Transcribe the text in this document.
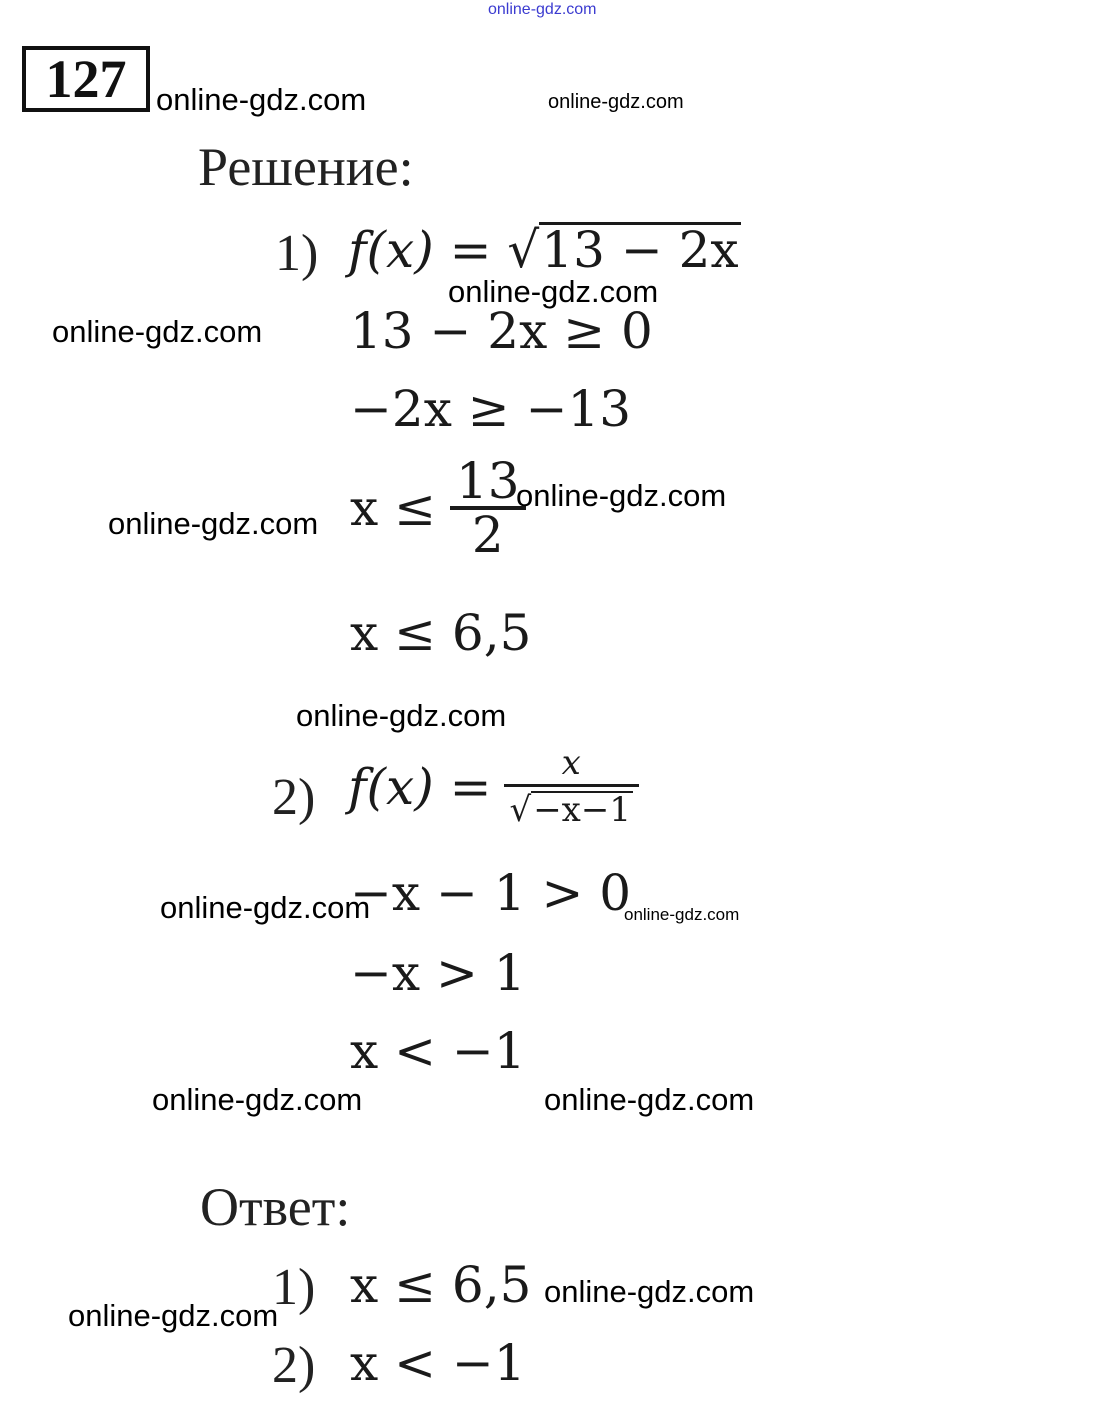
online-gdz.com
127 online-gdz.com	online-gdz.com
Решение:
1) f(x) = √13 − 2x
online-gdz.com
online-gdz.com 13 − 2x ≥ 0
−2x ≥ −13
online-gdz.com $x \le \frac{13}{2}$
online-gdz.com
x ≤ 6,5
online-gdz.com
2) $f(x) = \frac{x}{√-x-1}$
−x − 1 > 0
online-gdz.com	online-gdz.com
−x > 1
x < −1
online-gdz.com	online-gdz.com
Ответ:
1) x ≤ 6,5 online-gdz.com
online-gdz.com
2) x < −1
